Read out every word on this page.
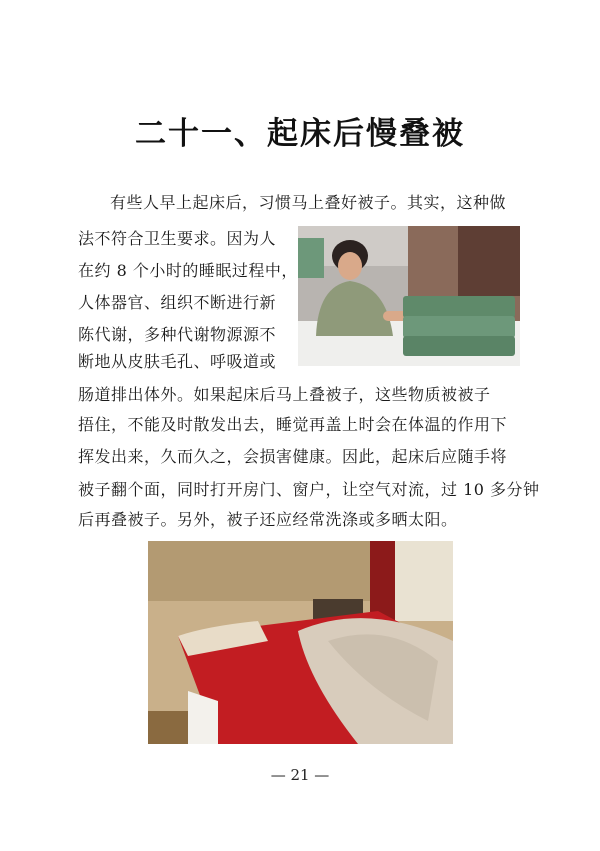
二十一、起床后慢叠被
有些人早上起床后，习惯马上叠好被子。其实，这种做
法不符合卫生要求。因为人
在约 8 个小时的睡眠过程中，
人体器官、组织不断进行新
陈代谢，多种代谢物源源不
断地从皮肤毛孔、呼吸道或
肠道排出体外。如果起床后马上叠被子，这些物质被被子
捂住，不能及时散发出去，睡觉再盖上时会在体温的作用下
挥发出来，久而久之，会损害健康。因此，起床后应随手将
被子翻个面，同时打开房门、窗户，让空气对流，过 10 多分钟
后再叠被子。另外，被子还应经常洗涤或多晒太阳。
— 21 —
